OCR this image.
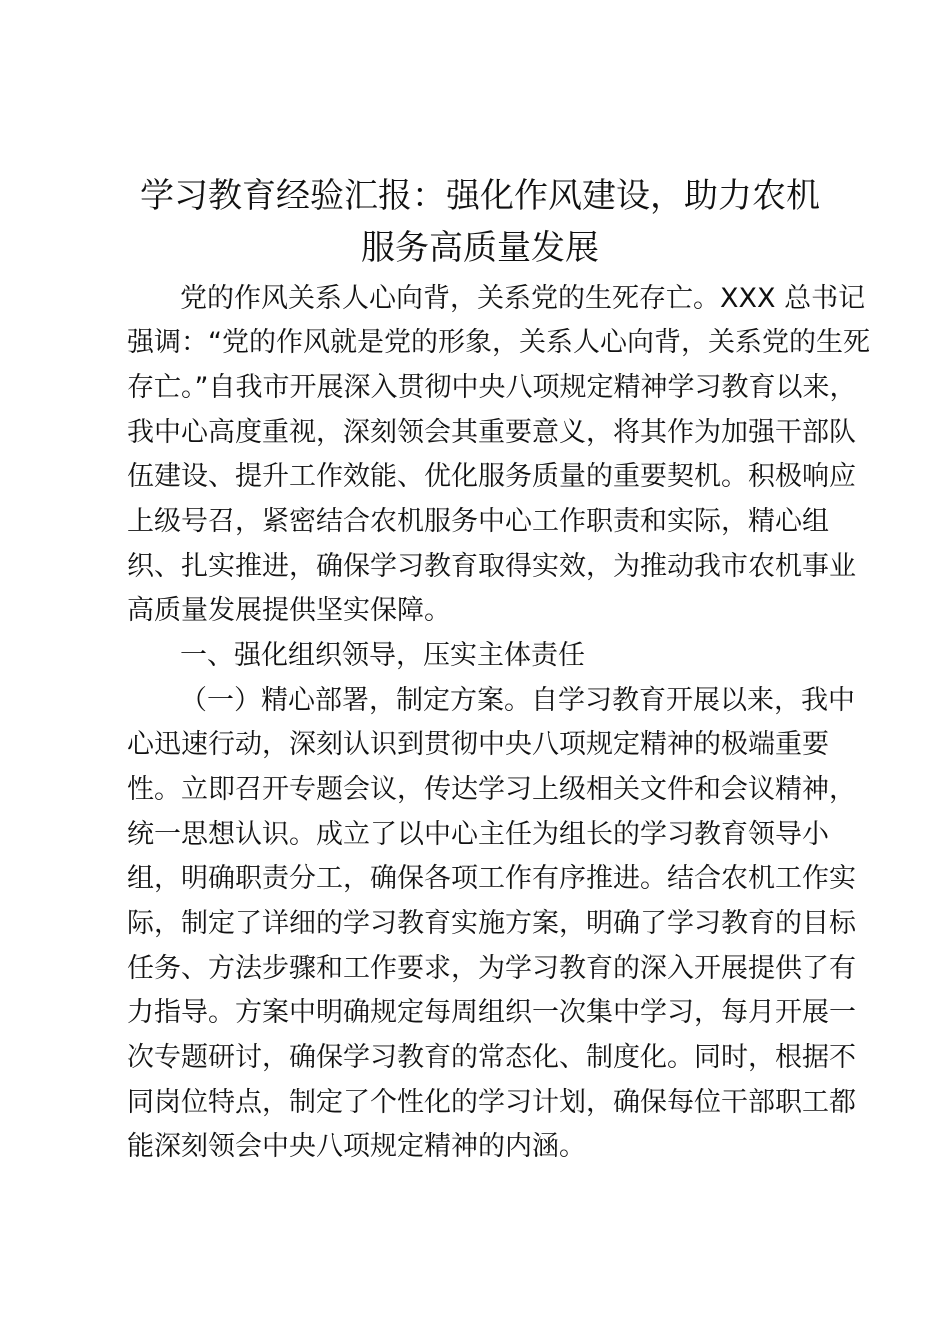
学习教育经验汇报：强化作风建设，助力农机
服务高质量发展
党的作风关系人心向背，关系党的生死存亡。XXX 总书记
强调：“党的作风就是党的形象，关系人心向背，关系党的生死
存亡。”自我市开展深入贯彻中央八项规定精神学习教育以来，
我中心高度重视，深刻领会其重要意义，将其作为加强干部队
伍建设、提升工作效能、优化服务质量的重要契机。积极响应
上级号召，紧密结合农机服务中心工作职责和实际，精心组
织、扎实推进，确保学习教育取得实效，为推动我市农机事业
高质量发展提供坚实保障。
一、强化组织领导，压实主体责任
（一）精心部署，制定方案。自学习教育开展以来，我中
心迅速行动，深刻认识到贯彻中央八项规定精神的极端重要
性。立即召开专题会议，传达学习上级相关文件和会议精神，
统一思想认识。成立了以中心主任为组长的学习教育领导小
组，明确职责分工，确保各项工作有序推进。结合农机工作实
际，制定了详细的学习教育实施方案，明确了学习教育的目标
任务、方法步骤和工作要求，为学习教育的深入开展提供了有
力指导。方案中明确规定每周组织一次集中学习，每月开展一
次专题研讨，确保学习教育的常态化、制度化。同时，根据不
同岗位特点，制定了个性化的学习计划，确保每位干部职工都
能深刻领会中央八项规定精神的内涵。
